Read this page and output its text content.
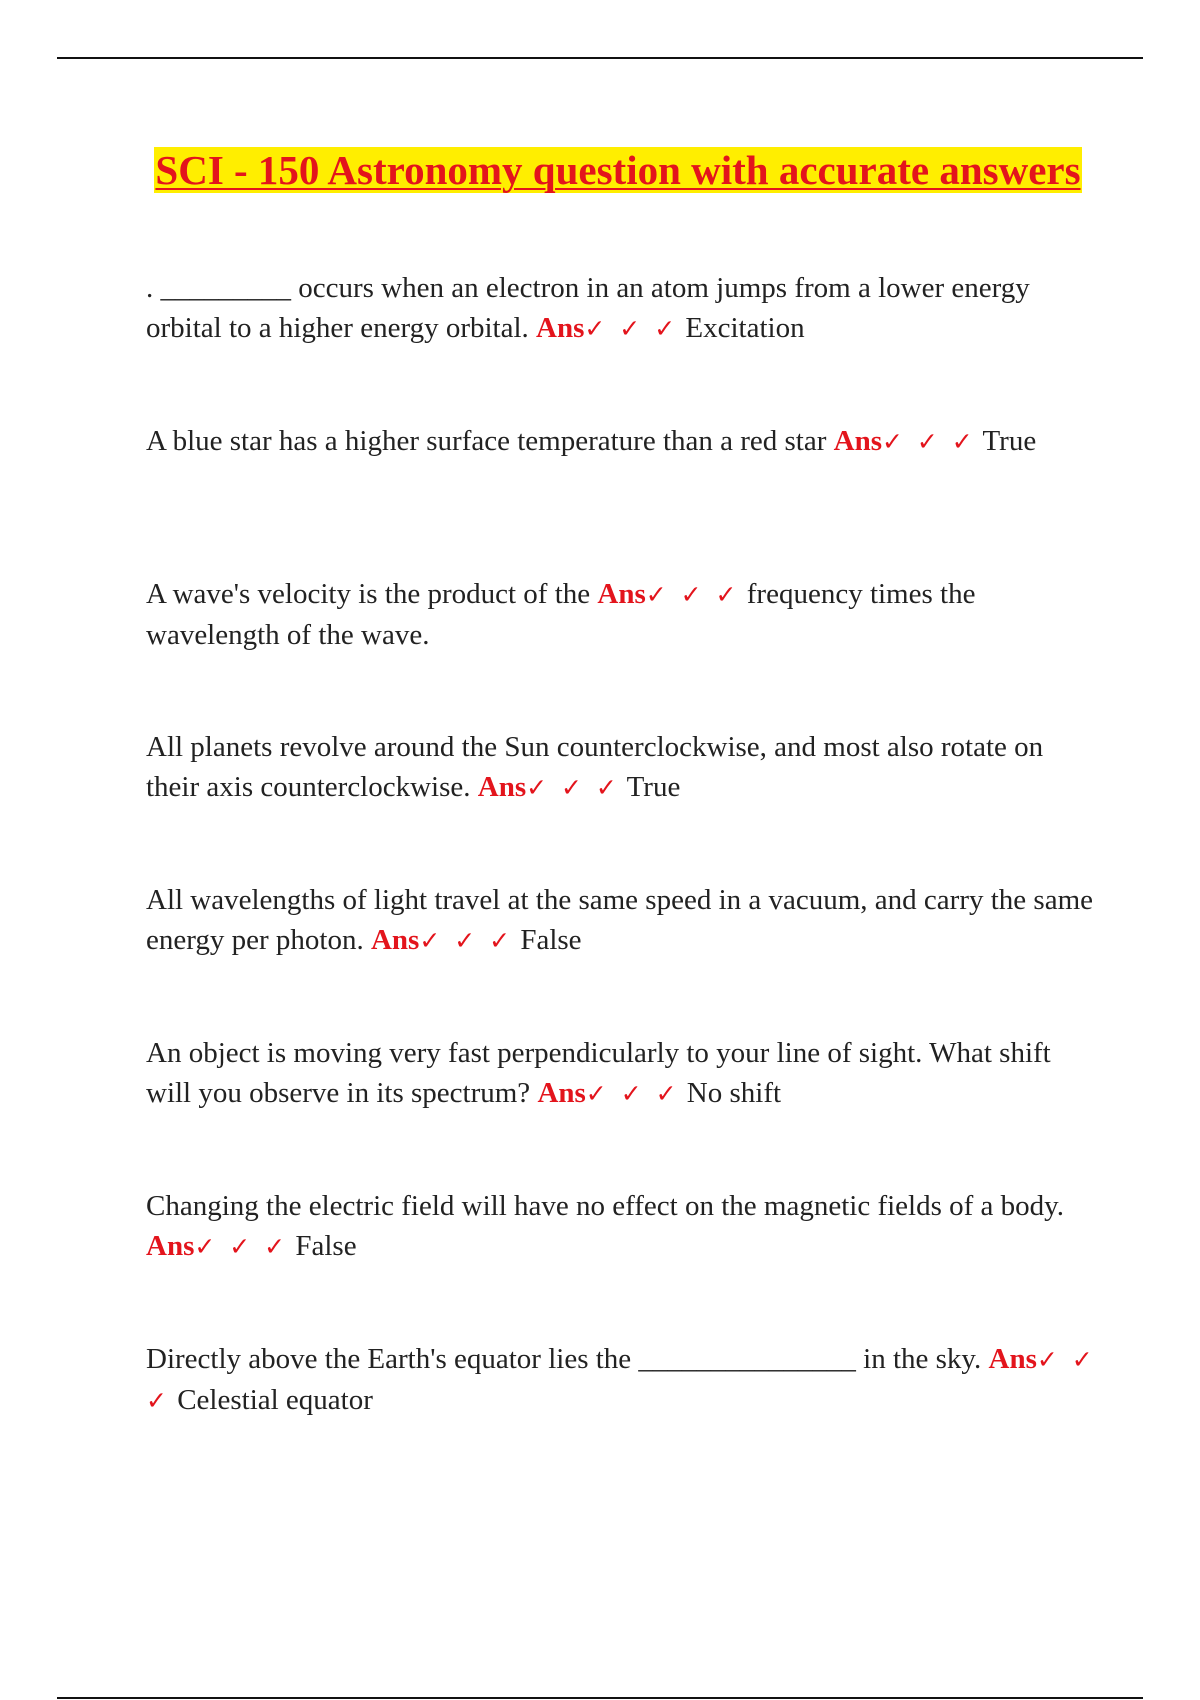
SCI - 150 Astronomy question with accurate answers

. _________ occurs when an electron in an atom jumps from a lower energy orbital to a higher energy orbital. Ans✓ ✓ ✓ Excitation

A blue star has a higher surface temperature than a red star Ans✓ ✓ ✓ True

A wave's velocity is the product of the Ans✓ ✓ ✓ frequency times the wavelength of the wave.

All planets revolve around the Sun counterclockwise, and most also rotate on their axis counterclockwise. Ans✓ ✓ ✓ True

All wavelengths of light travel at the same speed in a vacuum, and carry the same energy per photon. Ans✓ ✓ ✓ False

An object is moving very fast perpendicularly to your line of sight. What shift will you observe in its spectrum? Ans✓ ✓ ✓ No shift

Changing the electric field will have no effect on the magnetic fields of a body. Ans✓ ✓ ✓ False

Directly above the Earth's equator lies the _______________ in the sky. Ans✓ ✓ ✓ Celestial equator
